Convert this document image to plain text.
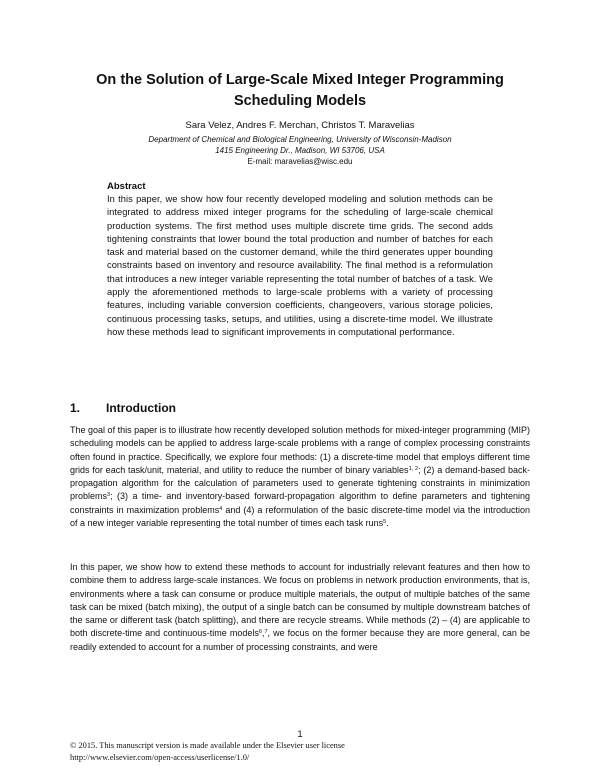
On the Solution of Large-Scale Mixed Integer Programming Scheduling Models
Sara Velez, Andres F. Merchan, Christos T. Maravelias
Department of Chemical and Biological Engineering, University of Wisconsin-Madison
1415 Engineering Dr., Madison, WI 53706, USA
E-mail: maravelias@wisc.edu
Abstract
In this paper, we show how four recently developed modeling and solution methods can be integrated to address mixed integer programs for the scheduling of large-scale chemical production systems. The first method uses multiple discrete time grids. The second adds tightening constraints that lower bound the total production and number of batches for each task and material based on the customer demand, while the third generates upper bounding constraints based on inventory and resource availability. The final method is a reformulation that introduces a new integer variable representing the total number of batches of a task. We apply the aforementioned methods to large-scale problems with a variety of processing features, including variable conversion coefficients, changeovers, various storage policies, continuous processing tasks, setups, and utilities, using a discrete-time model. We illustrate how these methods lead to significant improvements in computational performance.
1. Introduction
The goal of this paper is to illustrate how recently developed solution methods for mixed-integer programming (MIP) scheduling models can be applied to address large-scale problems with a range of complex processing constraints often found in practice. Specifically, we explore four methods: (1) a discrete-time model that employs different time grids for each task/unit, material, and utility to reduce the number of binary variables$^{1, 2}$; (2) a demand-based back-propagation algorithm for the calculation of parameters used to generate tightening constraints in minimization problems$^3$; (3) a time- and inventory-based forward-propagation algorithm to define parameters and tightening constraints in maximization problems$^4$ and (4) a reformulation of the basic discrete-time model via the introduction of a new integer variable representing the total number of times each task runs$^5$.
In this paper, we show how to extend these methods to account for industrially relevant features and then how to combine them to address large-scale instances. We focus on problems in network production environments, that is, environments where a task can consume or produce multiple materials, the output of multiple batches of the same task can be mixed (batch mixing), the output of a single batch can be consumed by multiple downstream batches of the same or different task (batch splitting), and there are recycle streams. While methods (2) – (4) are applicable to both discrete-time and continuous-time models$^6$,$^7$, we focus on the former because they are more general, can be readily extended to account for a number of processing constraints, and were
1
© 2015. This manuscript version is made available under the Elsevier user license
http://www.elsevier.com/open-access/userlicense/1.0/
